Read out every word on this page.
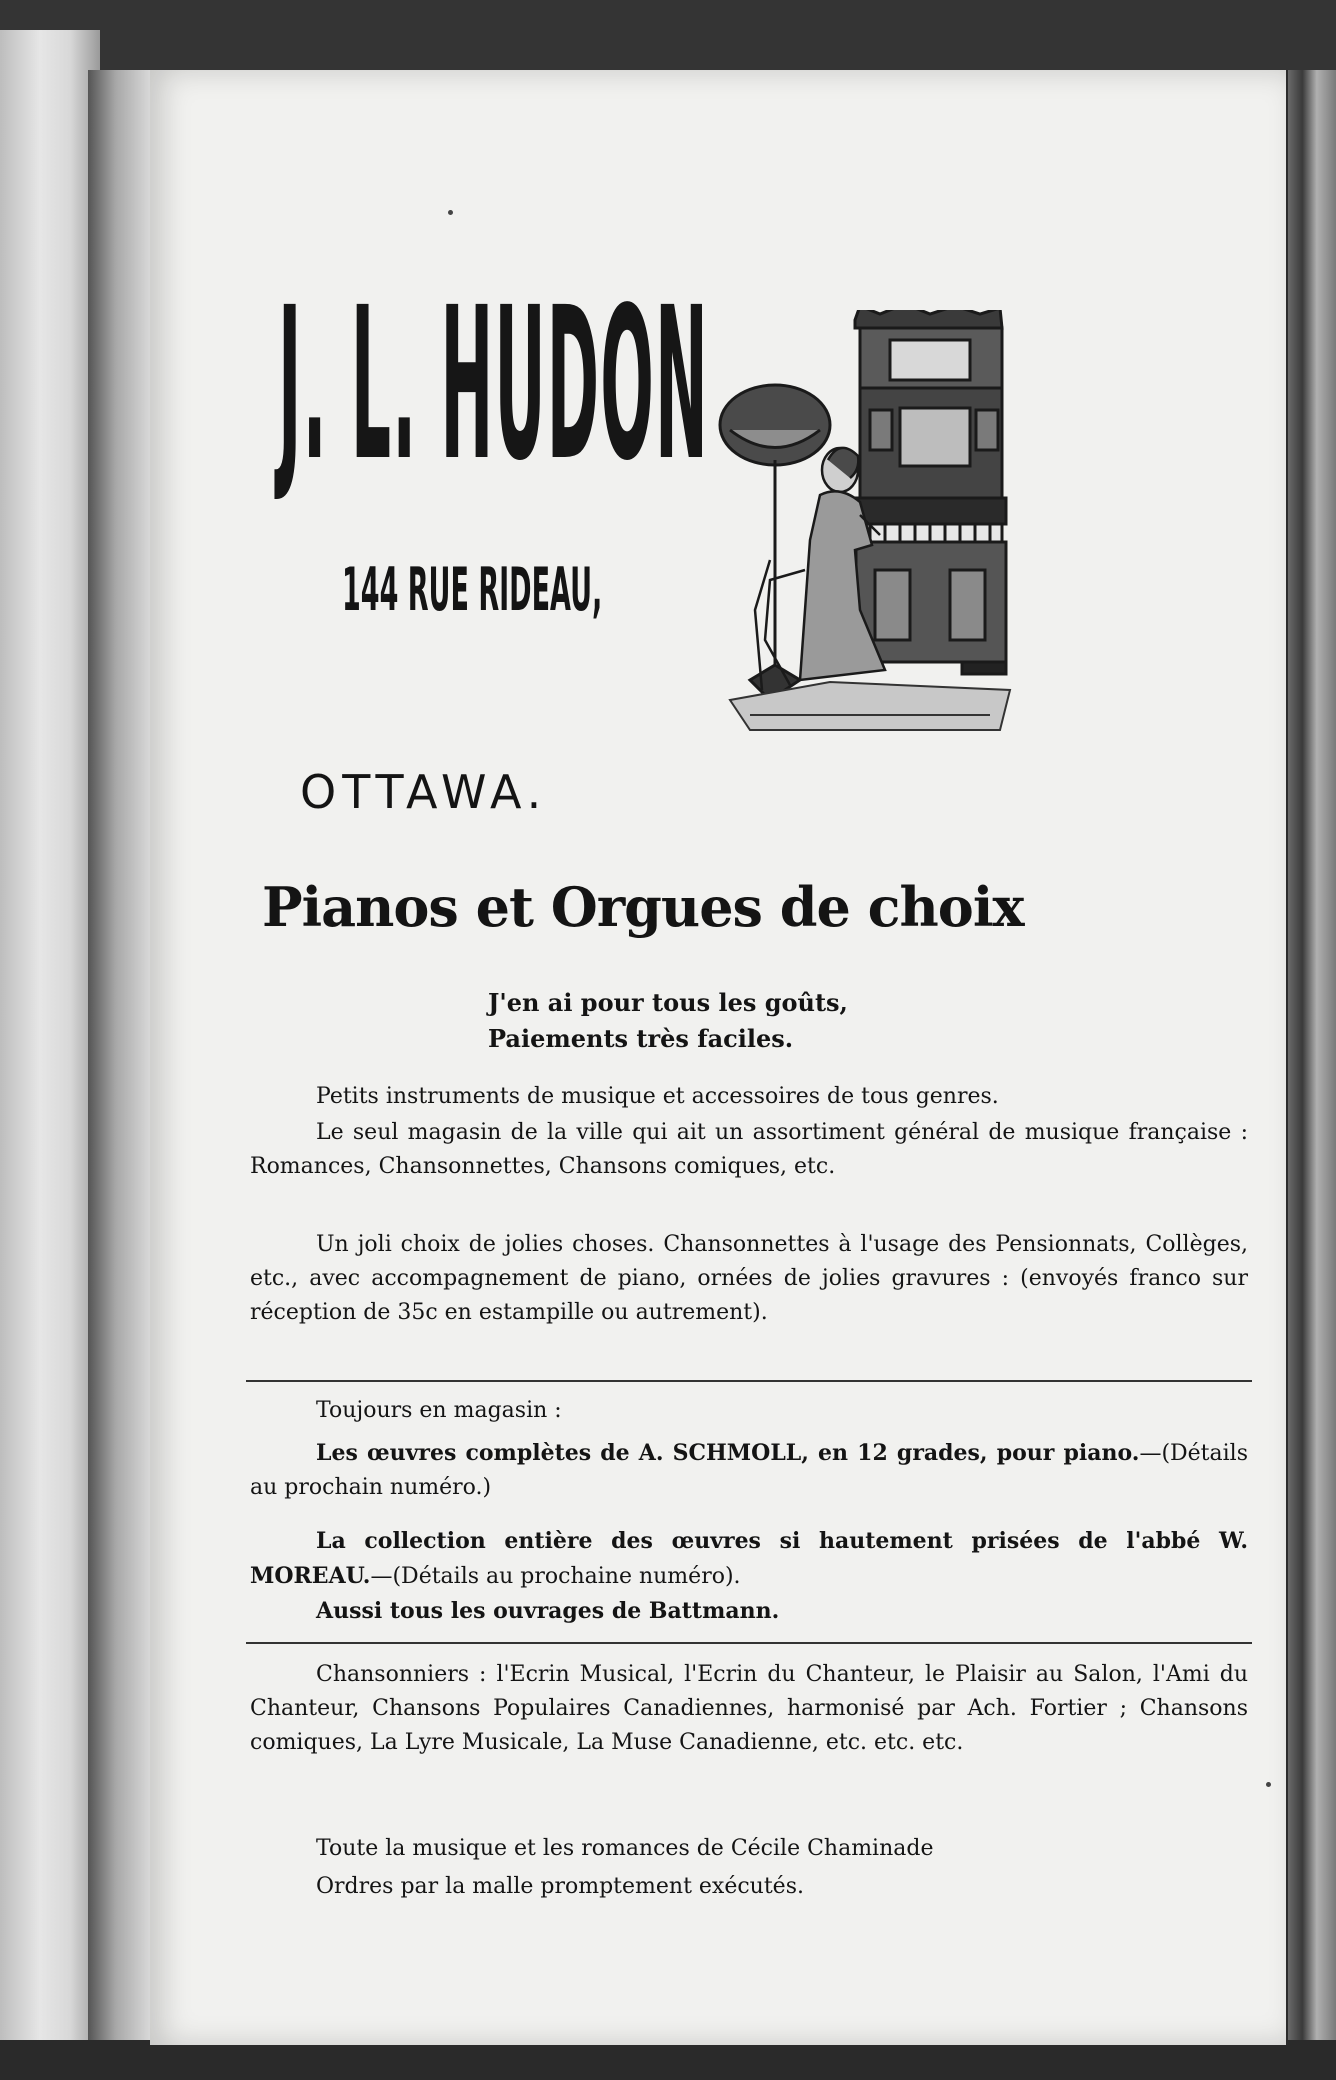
J. L. HUDON
144 RUE RIDEAU,
OTTAWA.
Pianos et Orgues de choix
J'en ai pour tous les goûts,
Paiements très faciles.

Petits instruments de musique et accessoires de tous genres.

Le seul magasin de la ville qui ait un assortiment général de musique française : Romances, Chansonnettes, Chansons comiques, etc.

Un joli choix de jolies choses. Chansonnettes à l'usage des Pensionnats, Collèges, etc., avec accompagnement de piano, ornées de jolies gravures : (envoyés franco sur réception de 35c en estampille ou autrement).

Toujours en magasin :

Les œuvres complètes de A. SCHMOLL, en 12 grades, pour piano.—(Détails au prochain numéro.)

La collection entière des œuvres si hautement prisées de l'abbé W. MOREAU.—(Détails au prochaine numéro).

Aussi tous les ouvrages de Battmann.

Chansonniers : l'Ecrin Musical, l'Ecrin du Chanteur, le Plaisir au Salon, l'Ami du Chanteur, Chansons Populaires Canadiennes, harmonisé par Ach. Fortier ; Chansons comiques, La Lyre Musicale, La Muse Canadienne, etc. etc. etc.

Toute la musique et les romances de Cécile Chaminade

Ordres par la malle promptement exécutés.
